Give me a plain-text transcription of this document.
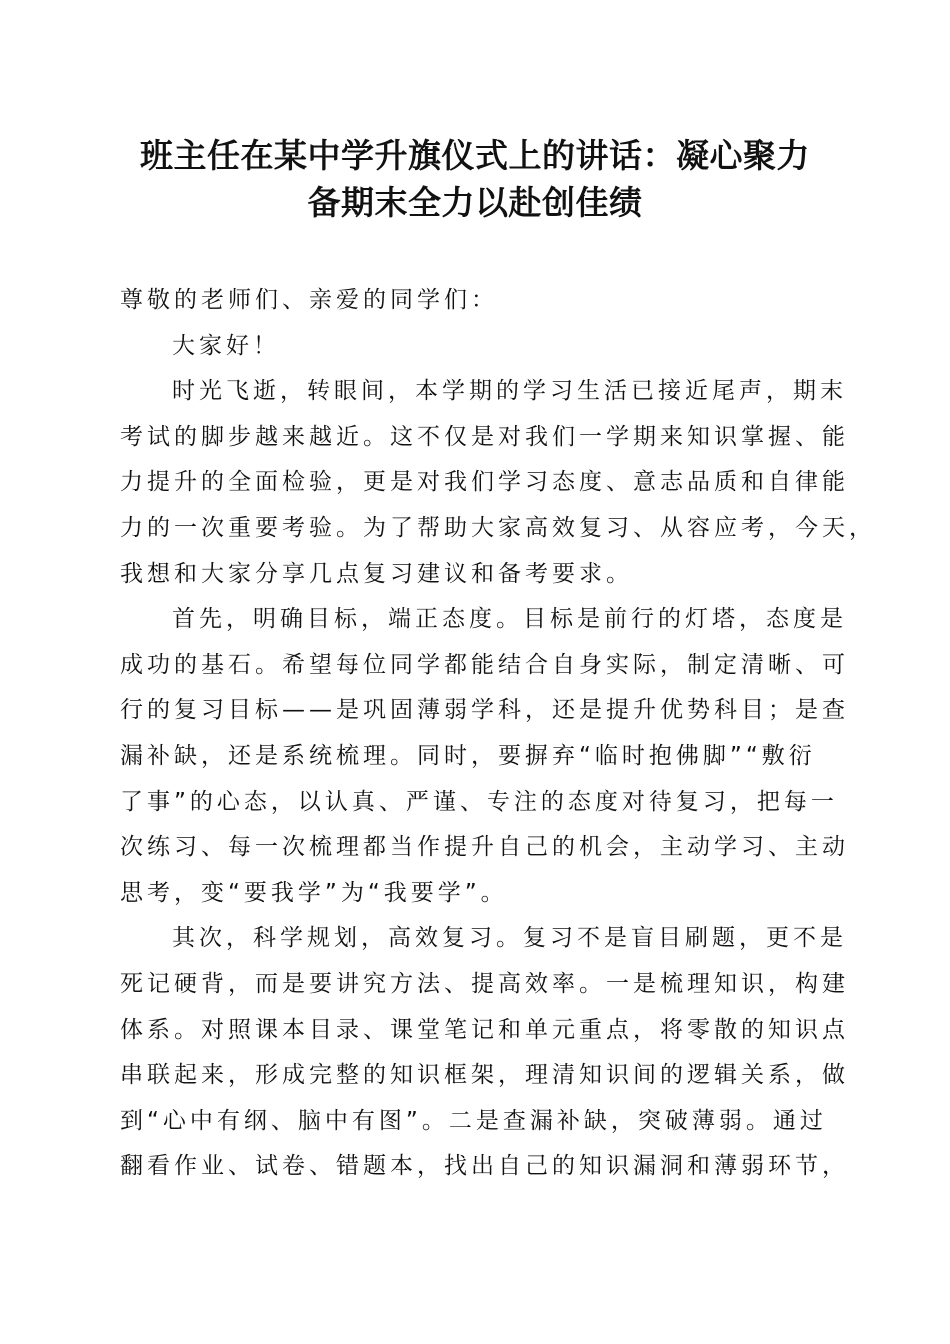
班主任在某中学升旗仪式上的讲话：凝心聚力
备期末全力以赴创佳绩

尊敬的老师们、亲爱的同学们：

大家好！

时光飞逝，转眼间，本学期的学习生活已接近尾声，期末
考试的脚步越来越近。这不仅是对我们一学期来知识掌握、能
力提升的全面检验，更是对我们学习态度、意志品质和自律能
力的一次重要考验。为了帮助大家高效复习、从容应考，今天，
我想和大家分享几点复习建议和备考要求。

首先，明确目标，端正态度。目标是前行的灯塔，态度是
成功的基石。希望每位同学都能结合自身实际，制定清晰、可
行的复习目标——是巩固薄弱学科，还是提升优势科目；是查
漏补缺，还是系统梳理。同时，要摒弃“临时抱佛脚”“敷衍
了事”的心态，以认真、严谨、专注的态度对待复习，把每一
次练习、每一次梳理都当作提升自己的机会，主动学习、主动
思考，变“要我学”为“我要学”。

其次，科学规划，高效复习。复习不是盲目刷题，更不是
死记硬背，而是要讲究方法、提高效率。一是梳理知识，构建
体系。对照课本目录、课堂笔记和单元重点，将零散的知识点
串联起来，形成完整的知识框架，理清知识间的逻辑关系，做
到“心中有纲、脑中有图”。二是查漏补缺，突破薄弱。通过
翻看作业、试卷、错题本，找出自己的知识漏洞和薄弱环节，
